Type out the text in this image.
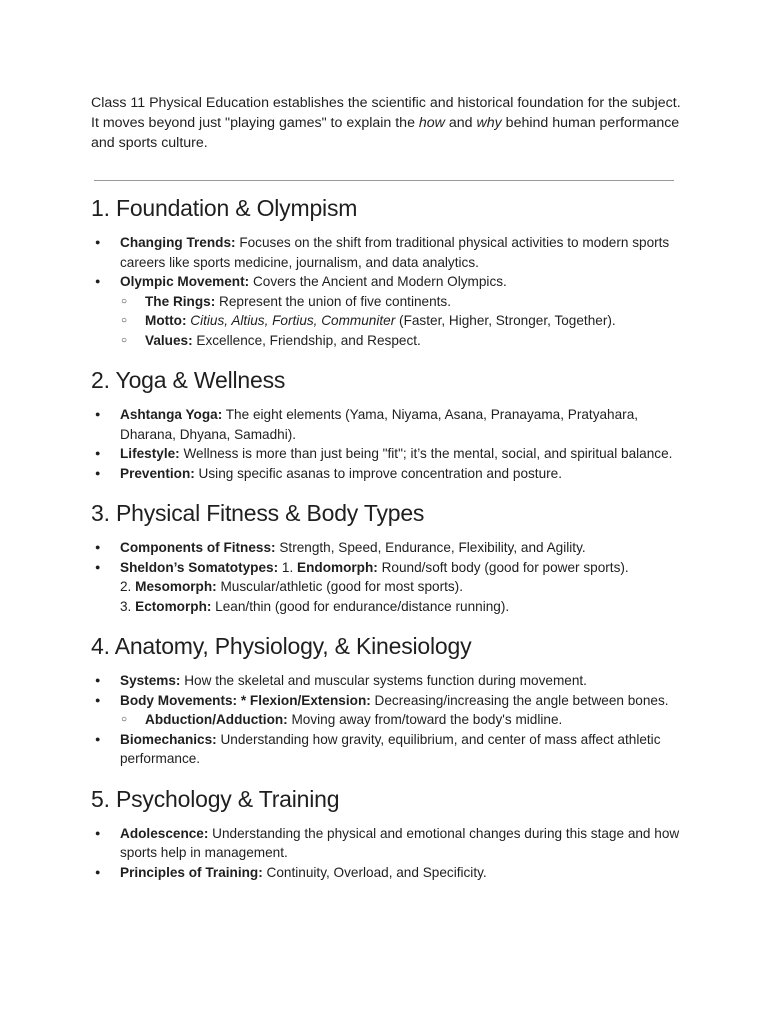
Class 11 Physical Education establishes the scientific and historical foundation for the subject. It moves beyond just "playing games" to explain the how and why behind human performance and sports culture.

1. Foundation & Olympism
● Changing Trends: Focuses on the shift from traditional physical activities to modern sports careers like sports medicine, journalism, and data analytics.
● Olympic Movement: Covers the Ancient and Modern Olympics.
○ The Rings: Represent the union of five continents.
○ Motto: Citius, Altius, Fortius, Communiter (Faster, Higher, Stronger, Together).
○ Values: Excellence, Friendship, and Respect.
2. Yoga & Wellness
● Ashtanga Yoga: The eight elements (Yama, Niyama, Asana, Pranayama, Pratyahara, Dharana, Dhyana, Samadhi).
● Lifestyle: Wellness is more than just being "fit"; it’s the mental, social, and spiritual balance.
● Prevention: Using specific asanas to improve concentration and posture.
3. Physical Fitness & Body Types
● Components of Fitness: Strength, Speed, Endurance, Flexibility, and Agility.
● Sheldon’s Somatotypes: 1. Endomorph: Round/soft body (good for power sports).
2. Mesomorph: Muscular/athletic (good for most sports).
3. Ectomorph: Lean/thin (good for endurance/distance running).
4. Anatomy, Physiology, & Kinesiology
● Systems: How the skeletal and muscular systems function during movement.
● Body Movements: * Flexion/Extension: Decreasing/increasing the angle between bones.
○ Abduction/Adduction: Moving away from/toward the body's midline.
● Biomechanics: Understanding how gravity, equilibrium, and center of mass affect athletic performance.
5. Psychology & Training
● Adolescence: Understanding the physical and emotional changes during this stage and how sports help in management.
● Principles of Training: Continuity, Overload, and Specificity.
